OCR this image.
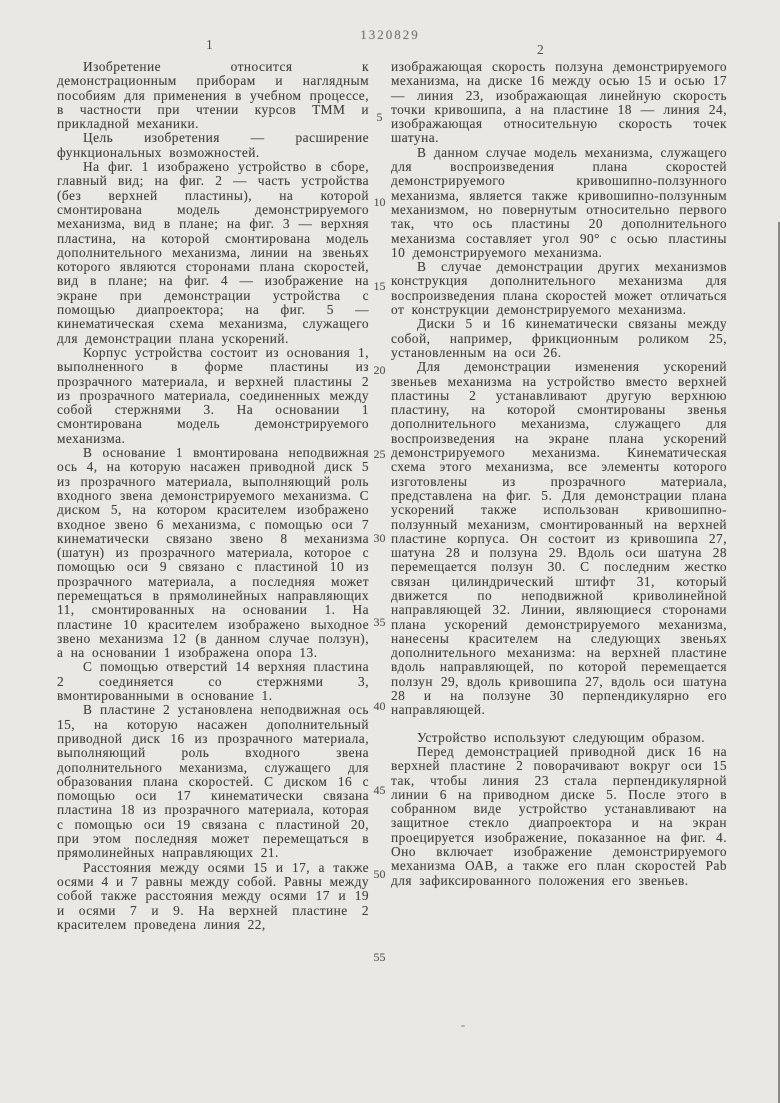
1320829
1	2
5
10
15
20
25
30
35
40
45
50
55

Изобретение относится к демонстрационным приборам и наглядным пособиям для применения в учебном процессе, в частности при чтении курсов ТММ и прикладной механики.

Цель изобретения — расширение функциональных возможностей.

На фиг. 1 изображено устройство в сборе, главный вид; на фиг. 2 — часть устройства (без верхней пластины), на которой смонтирована модель демонстрируемого механизма, вид в плане; на фиг. 3 — верхняя пластина, на которой смонтирована модель дополнительного механизма, линии на звеньях которого являются сторонами плана скоростей, вид в плане; на фиг. 4 — изображение на экране при демонстрации устройства с помощью диапроектора; на фиг. 5 — кинематическая схема механизма, служащего для демонстрации плана ускорений.

Корпус устройства состоит из основания 1, выполненного в форме пластины из прозрачного материала, и верхней пластины 2 из прозрачного материала, соединенных между собой стержнями 3. На основании 1 смонтирована модель демонстрируемого механизма.

В основание 1 вмонтирована неподвижная ось 4, на которую насажен приводной диск 5 из прозрачного материала, выполняющий роль входного звена демонстрируемого механизма. С диском 5, на котором красителем изображено входное звено 6 механизма, с помощью оси 7 кинематически связано звено 8 механизма (шатун) из прозрачного материала, которое с помощью оси 9 связано с пластиной 10 из прозрачного материала, а последняя может перемещаться в прямолинейных направляющих 11, смонтированных на основании 1. На пластине 10 красителем изображено выходное звено механизма 12 (в данном случае ползун), а на основании 1 изображена опора 13.

С помощью отверстий 14 верхняя пластина 2 соединяется со стержнями 3, вмонтированными в основание 1.

В пластине 2 установлена неподвижная ось 15, на которую насажен дополнительный приводной диск 16 из прозрачного материала, выполняющий роль входного звена дополнительного механизма, служащего для образования плана скоростей. С диском 16 с помощью оси 17 кинематически связана пластина 18 из прозрачного материала, которая с помощью оси 19 связана с пластиной 20, при этом последняя может перемещаться в прямолинейных направляющих 21.

Расстояния между осями 15 и 17, а также осями 4 и 7 равны между собой. Равны между собой также расстояния между осями 17 и 19 и осями 7 и 9. На верхней пластине 2 красителем проведена линия 22,

изображающая скорость ползуна демонстрируемого механизма, на диске 16 между осью 15 и осью 17 — линия 23, изображающая линейную скорость точки кривошипа, а на пластине 18 — линия 24, изображающая относительную скорость точек шатуна.

В данном случае модель механизма, служащего для воспроизведения плана скоростей демонстрируемого кривошипно-ползунного механизма, является также кривошипно-ползунным механизмом, но повернутым относительно первого так, что ось пластины 20 дополнительного механизма составляет угол 90° с осью пластины 10 демонстрируемого механизма.

В случае демонстрации других механизмов конструкция дополнительного механизма для воспроизведения плана скоростей может отличаться от конструкции демонстрируемого механизма.

Диски 5 и 16 кинематически связаны между собой, например, фрикционным роликом 25, установленным на оси 26.

Для демонстрации изменения ускорений звеньев механизма на устройство вместо верхней пластины 2 устанавливают другую верхнюю пластину, на которой смонтированы звенья дополнительного механизма, служащего для воспроизведения на экране плана ускорений демонстрируемого механизма. Кинематическая схема этого механизма, все элементы которого изготовлены из прозрачного материала, представлена на фиг. 5. Для демонстрации плана ускорений также использован кривошипно-ползунный механизм, смонтированный на верхней пластине корпуса. Он состоит из кривошипа 27, шатуна 28 и ползуна 29. Вдоль оси шатуна 28 перемещается ползун 30. С последним жестко связан цилиндрический штифт 31, который движется по неподвижной криволинейной направляющей 32. Линии, являющиеся сторонами плана ускорений демонстрируемого механизма, нанесены красителем на следующих звеньях дополнительного механизма: на верхней пластине вдоль направляющей, по которой перемещается ползун 29, вдоль кривошипа 27, вдоль оси шатуна 28 и на ползуне 30 перпендикулярно его направляющей.

Устройство используют следующим образом.

Перед демонстрацией приводной диск 16 на верхней пластине 2 поворачивают вокруг оси 15 так, чтобы линия 23 стала перпендикулярной линии 6 на приводном диске 5. После этого в собранном виде устройство устанавливают на защитное стекло диапроектора и на экран проецируется изображение, показанное на фиг. 4. Оно включает изображение демонстрируемого механизма ОАВ, а также его план скоростей Pab для зафиксированного положения его звеньев.
